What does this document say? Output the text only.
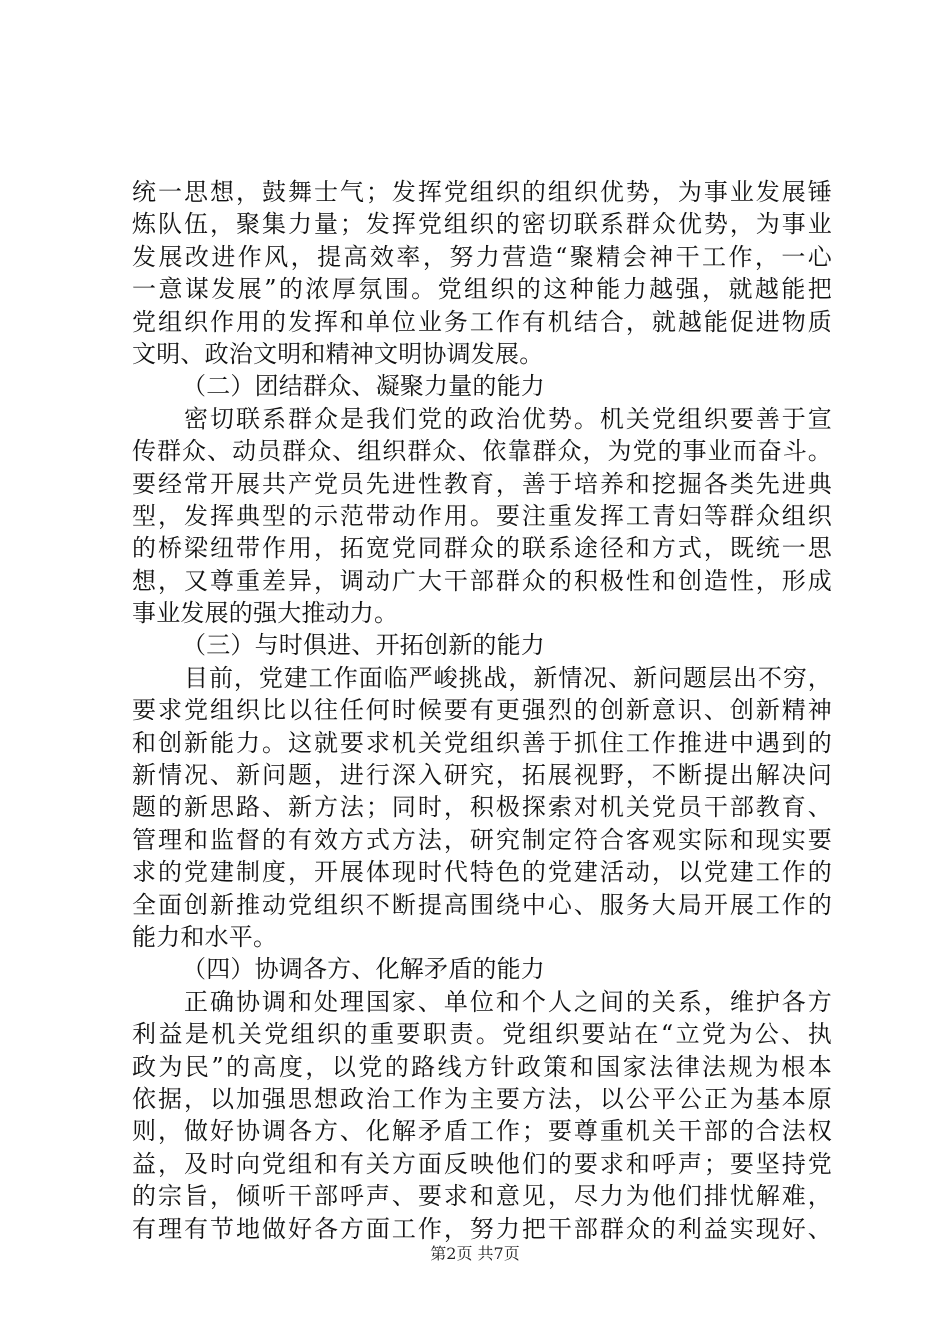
统一思想，鼓舞士气；发挥党组织的组织优势，为事业发展锤
炼队伍，聚集力量；发挥党组织的密切联系群众优势，为事业
发展改进作风，提高效率，努力营造“聚精会神干工作，一心
一意谋发展”的浓厚氛围。党组织的这种能力越强，就越能把
党组织作用的发挥和单位业务工作有机结合，就越能促进物质
文明、政治文明和精神文明协调发展。
（二）团结群众、凝聚力量的能力
密切联系群众是我们党的政治优势。机关党组织要善于宣
传群众、动员群众、组织群众、依靠群众，为党的事业而奋斗。
要经常开展共产党员先进性教育，善于培养和挖掘各类先进典
型，发挥典型的示范带动作用。要注重发挥工青妇等群众组织
的桥梁纽带作用，拓宽党同群众的联系途径和方式，既统一思
想，又尊重差异，调动广大干部群众的积极性和创造性，形成
事业发展的强大推动力。
（三）与时俱进、开拓创新的能力
目前，党建工作面临严峻挑战，新情况、新问题层出不穷，
要求党组织比以往任何时候要有更强烈的创新意识、创新精神
和创新能力。这就要求机关党组织善于抓住工作推进中遇到的
新情况、新问题，进行深入研究，拓展视野，不断提出解决问
题的新思路、新方法；同时，积极探索对机关党员干部教育、
管理和监督的有效方式方法，研究制定符合客观实际和现实要
求的党建制度，开展体现时代特色的党建活动，以党建工作的
全面创新推动党组织不断提高围绕中心、服务大局开展工作的
能力和水平。
（四）协调各方、化解矛盾的能力
正确协调和处理国家、单位和个人之间的关系，维护各方
利益是机关党组织的重要职责。党组织要站在“立党为公、执
政为民”的高度，以党的路线方针政策和国家法律法规为根本
依据，以加强思想政治工作为主要方法，以公平公正为基本原
则，做好协调各方、化解矛盾工作；要尊重机关干部的合法权
益，及时向党组和有关方面反映他们的要求和呼声；要坚持党
的宗旨，倾听干部呼声、要求和意见，尽力为他们排忧解难，
有理有节地做好各方面工作，努力把干部群众的利益实现好、
第2页 共7页
